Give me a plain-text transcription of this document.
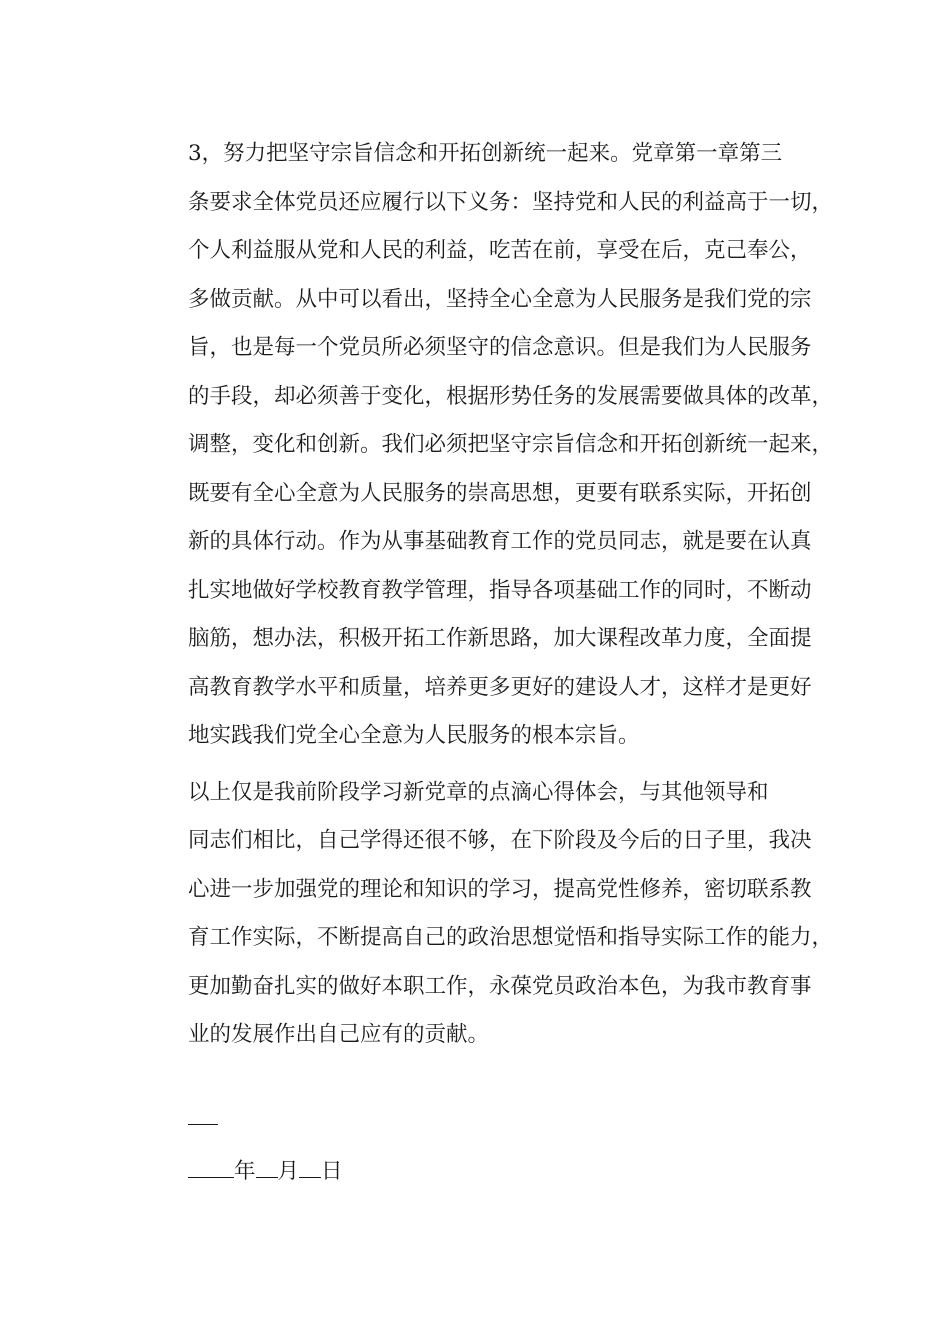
3，努力把坚守宗旨信念和开拓创新统一起来。党章第一章第三
条要求全体党员还应履行以下义务：坚持党和人民的利益高于一切，
个人利益服从党和人民的利益，吃苦在前，享受在后，克己奉公，
多做贡献。从中可以看出，坚持全心全意为人民服务是我们党的宗
旨，也是每一个党员所必须坚守的信念意识。但是我们为人民服务
的手段，却必须善于变化，根据形势任务的发展需要做具体的改革，
调整，变化和创新。我们必须把坚守宗旨信念和开拓创新统一起来，
既要有全心全意为人民服务的崇高思想，更要有联系实际，开拓创
新的具体行动。作为从事基础教育工作的党员同志，就是要在认真
扎实地做好学校教育教学管理，指导各项基础工作的同时，不断动
脑筋，想办法，积极开拓工作新思路，加大课程改革力度，全面提
高教育教学水平和质量，培养更多更好的建设人才，这样才是更好
地实践我们党全心全意为人民服务的根本宗旨。

以上仅是我前阶段学习新党章的点滴心得体会，与其他领导和
同志们相比，自己学得还很不够，在下阶段及今后的日子里，我决
心进一步加强党的理论和知识的学习，提高党性修养，密切联系教
育工作实际，不断提高自己的政治思想觉悟和指导实际工作的能力，
更加勤奋扎实的做好本职工作，永葆党员政治本色，为我市教育事
业的发展作出自己应有的贡献。

年 月 日
